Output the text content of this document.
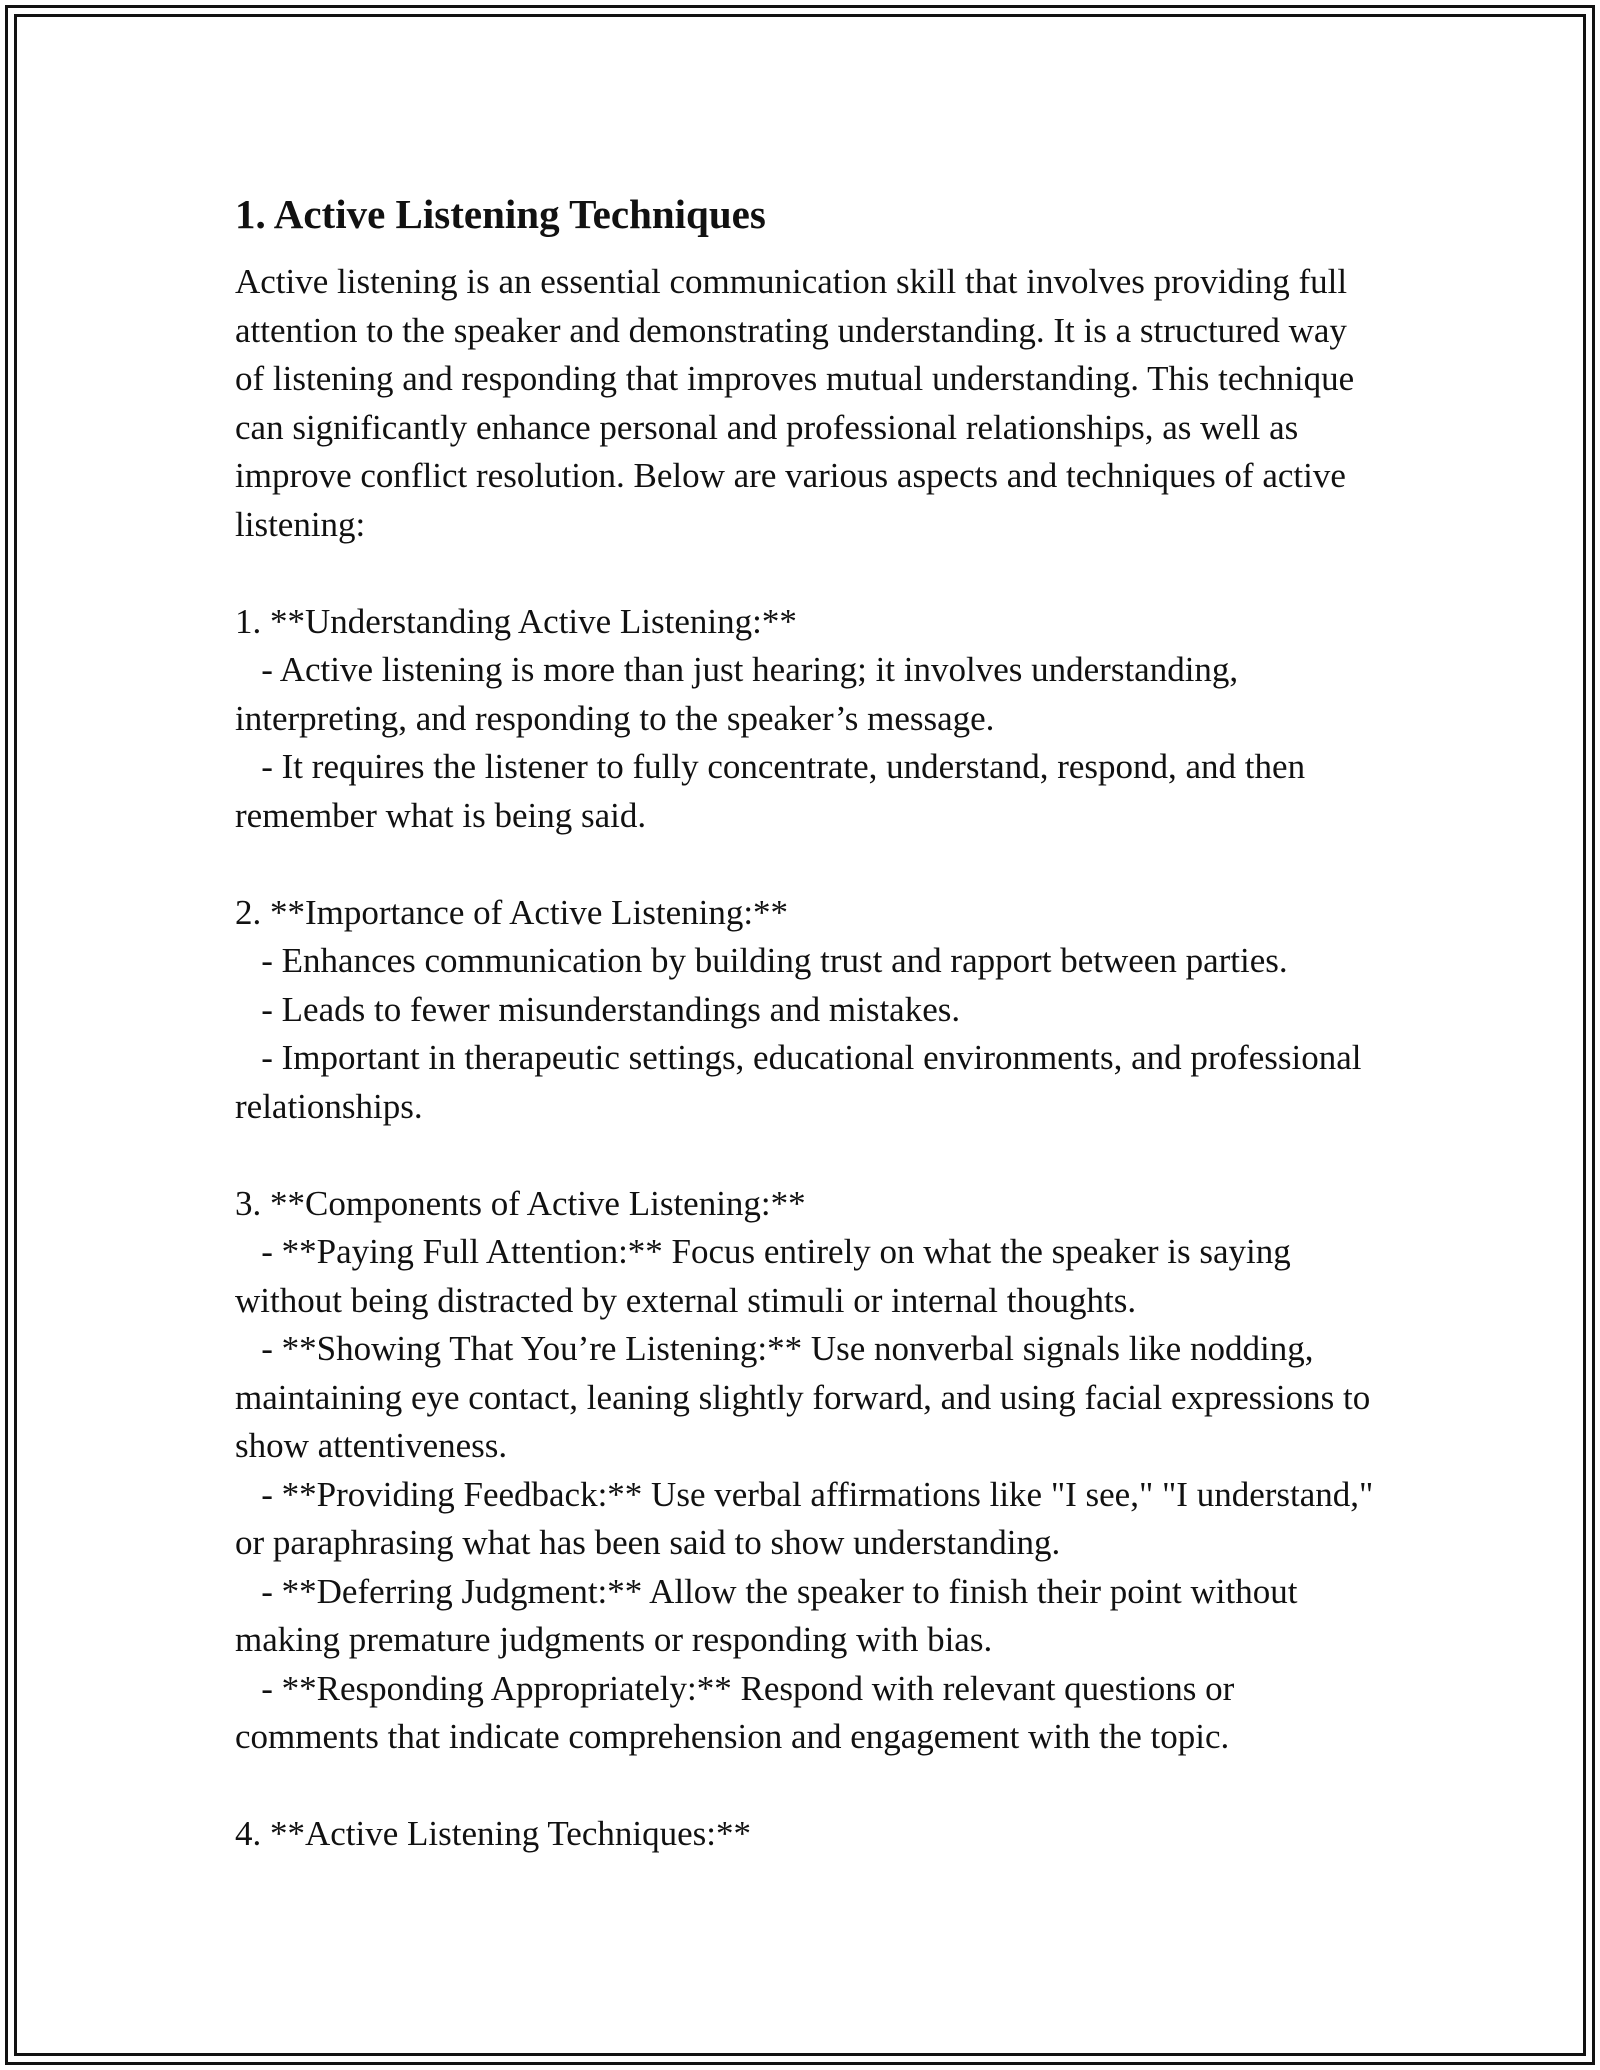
1. Active Listening Techniques

Active listening is an essential communication skill that involves providing full attention to the speaker and demonstrating understanding. It is a structured way of listening and responding that improves mutual understanding. This technique can significantly enhance personal and professional relationships, as well as improve conflict resolution. Below are various aspects and techniques of active listening:

1. **Understanding Active Listening:**
- Active listening is more than just hearing; it involves understanding, interpreting, and responding to the speaker’s message.
- It requires the listener to fully concentrate, understand, respond, and then remember what is being said.
2. **Importance of Active Listening:**
- Enhances communication by building trust and rapport between parties.
- Leads to fewer misunderstandings and mistakes.
- Important in therapeutic settings, educational environments, and professional relationships.
3. **Components of Active Listening:**
- **Paying Full Attention:** Focus entirely on what the speaker is saying without being distracted by external stimuli or internal thoughts.
- **Showing That You’re Listening:** Use nonverbal signals like nodding, maintaining eye contact, leaning slightly forward, and using facial expressions to show attentiveness.
- **Providing Feedback:** Use verbal affirmations like "I see," "I understand," or paraphrasing what has been said to show understanding.
- **Deferring Judgment:** Allow the speaker to finish their point without making premature judgments or responding with bias.
- **Responding Appropriately:** Respond with relevant questions or comments that indicate comprehension and engagement with the topic.
4. **Active Listening Techniques:**
